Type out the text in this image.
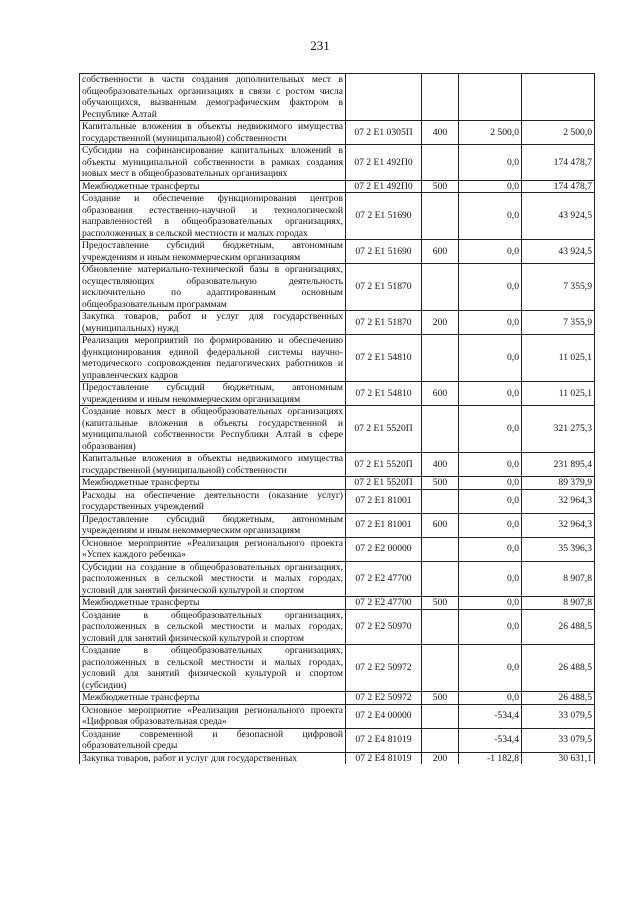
231
собственности в части создания дополнительных мест в общеобразовательных организациях в связи с ростом числа обучающихся, вызванным демографическим фактором в Республике Алтай				
Капитальные вложения в объекты недвижимого имущества государственной (муниципальной) собственности	07 2 E1 0305П	400	2 500,0	2 500,0
Субсидии на софинансирование капитальных вложений в объекты муниципальной собственности в рамках создания новых мест в общеобразовательных организациях	07 2 E1 492П0		0,0	174 478,7
Межбюджетные трансферты	07 2 E1 492П0	500	0,0	174 478,7
Создание и обеспечение функционирования центров образования естественно-научной и технологической направленностей в общеобразовательных организациях, расположенных в сельской местности и малых городах	07 2 E1 51690		0,0	43 924,5
Предоставление субсидий бюджетным, автономным учреждениям и иным некоммерческим организациям	07 2 E1 51690	600	0,0	43 924,5
Обновление материально-технической базы в организациях, осуществляющих образовательную деятельность исключительно по адаптированным основным общеобразовательным программам	07 2 E1 51870		0,0	7 355,9
Закупка товаров, работ и услуг для государственных (муниципальных) нужд	07 2 E1 51870	200	0,0	7 355,9
Реализация мероприятий по формированию и обеспечению функционирования единой федеральной системы научно-методического сопровождения педагогических работников и управленческих кадров	07 2 E1 54810		0,0	11 025,1
Предоставление субсидий бюджетным, автономным учреждениям и иным некоммерческим организациям	07 2 E1 54810	600	0,0	11 025,1
Создание новых мест в общеобразовательных организациях (капитальные вложения в объекты государственной и муниципальной собственности Республики Алтай в сфере образования)	07 2 E1 5520П		0,0	321 275,3
Капитальные вложения в объекты недвижимого имущества государственной (муниципальной) собственности	07 2 E1 5520П	400	0,0	231 895,4
Межбюджетные трансферты	07 2 E1 5520П	500	0,0	89 379,9
Расходы на обеспечение деятельности (оказание услуг) государственных учреждений	07 2 E1 81001		0,0	32 964,3
Предоставление субсидий бюджетным, автономным учреждениям и иным некоммерческим организациям	07 2 E1 81001	600	0,0	32 964,3
Основное мероприятие «Реализация регионального проекта «Успех каждого ребенка»	07 2 E2 00000		0,0	35 396,3
Субсидии на создание в общеобразовательных организациях, расположенных в сельской местности и малых городах, условий для занятий физической культурой и спортом	07 2 E2 47700		0,0	8 907,8
Межбюджетные трансферты	07 2 E2 47700	500	0,0	8 907,8
Создание в общеобразовательных организациях, расположенных в сельской местности и малых городах, условий для занятий физической культурой и спортом	07 2 E2 50970		0,0	26 488,5
Создание в общеобразовательных организациях, расположенных в сельской местности и малых городах, условий для занятий физической культурой и спортом (субсидии)	07 2 E2 50972		0,0	26 488,5
Межбюджетные трансферты	07 2 E2 50972	500	0,0	26 488,5
Основное мероприятие «Реализация регионального проекта «Цифровая образовательная среда»	07 2 E4 00000		-534,4	33 079,5
Создание современной и безопасной цифровой образовательной среды	07 2 E4 81019		-534,4	33 079,5
Закупка товаров, работ и услуг для государственных	07 2 E4 81019	200	-1 182,8	30 631,1
